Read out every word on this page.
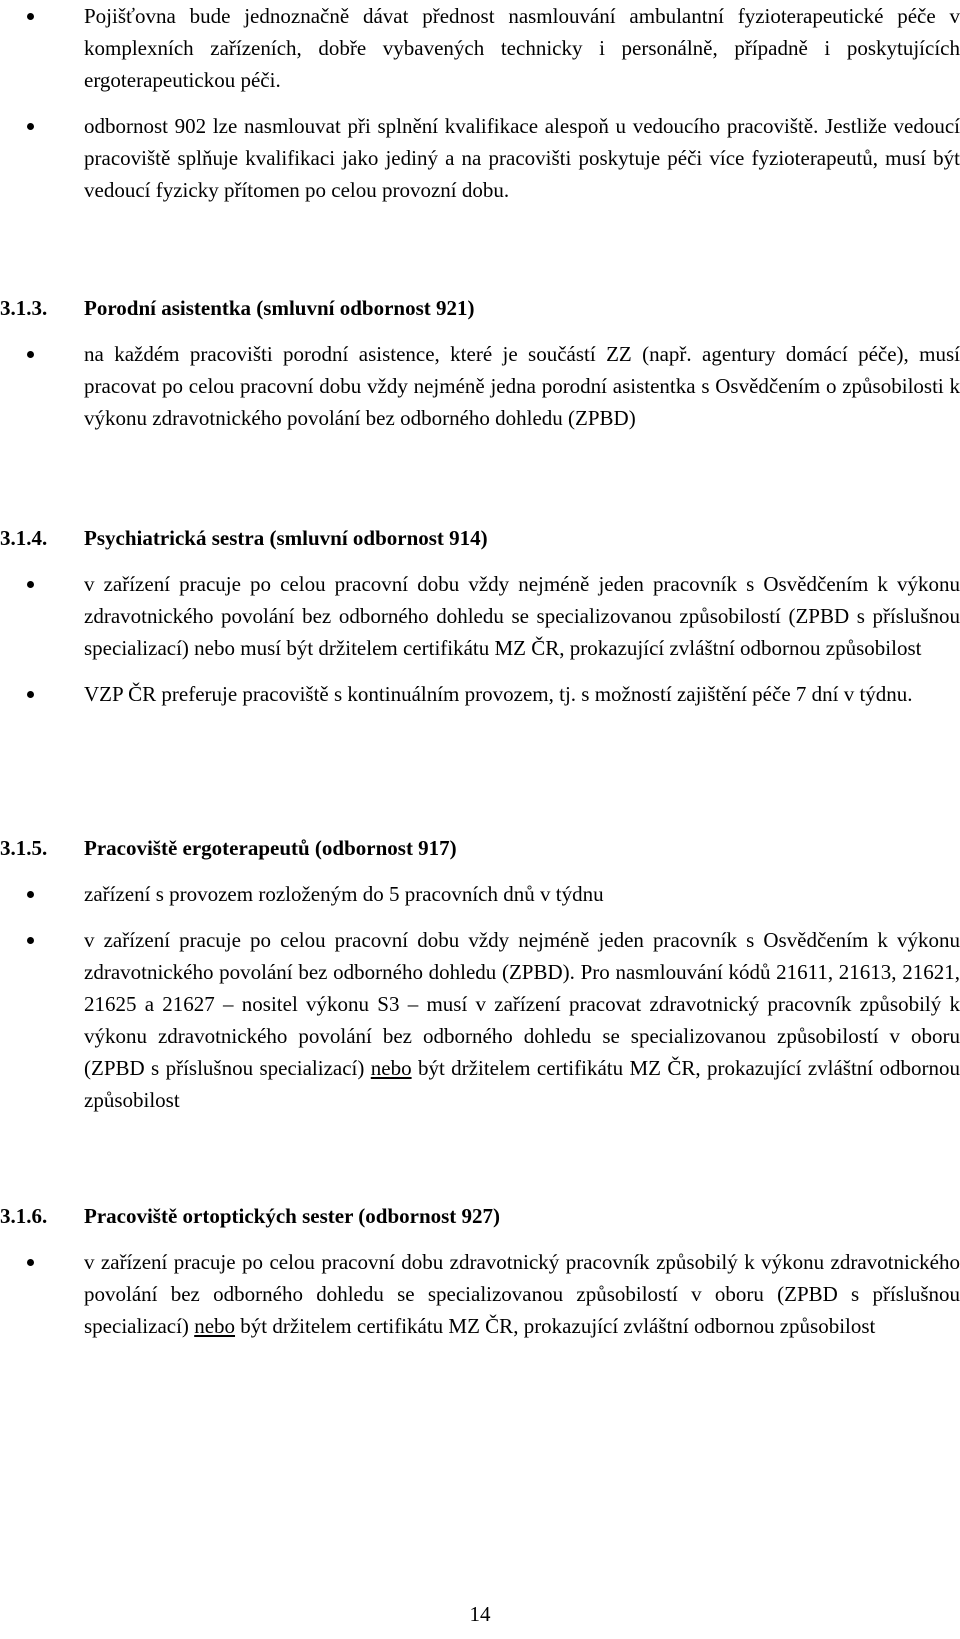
Pojišťovna bude jednoznačně dávat přednost nasmlouvání ambulantní fyzioterapeutické péče v komplexních zařízeních, dobře vybavených technicky i personálně, případně i poskytujících ergoterapeutickou péči.
odbornost 902 lze nasmlouvat při splnění kvalifikace alespoň u vedoucího pracoviště. Jestliže vedoucí pracoviště splňuje kvalifikaci jako jediný a na pracovišti poskytuje péči více fyzioterapeutů, musí být vedoucí fyzicky přítomen po celou provozní dobu.
3.1.3.	Porodní asistentka (smluvní odbornost 921)
na každém pracovišti porodní asistence, které je součástí ZZ (např. agentury domácí péče), musí pracovat po celou pracovní dobu vždy nejméně jedna porodní asistentka s Osvědčením o způsobilosti k výkonu zdravotnického povolání bez odborného dohledu (ZPBD)
3.1.4.	Psychiatrická sestra (smluvní odbornost 914)
v zařízení pracuje po celou pracovní dobu vždy nejméně jeden pracovník s Osvědčením k výkonu zdravotnického povolání bez odborného dohledu se specializovanou způsobilostí (ZPBD s příslušnou specializací) nebo musí být držitelem certifikátu MZ ČR, prokazující zvláštní odbornou způsobilost
VZP ČR preferuje pracoviště s kontinuálním provozem, tj. s možností zajištění péče 7 dní v týdnu.
3.1.5.	Pracoviště ergoterapeutů (odbornost 917)
zařízení s provozem rozloženým do 5 pracovních dnů v týdnu
v zařízení pracuje po celou pracovní dobu vždy nejméně jeden pracovník s Osvědčením k výkonu zdravotnického povolání bez odborného dohledu (ZPBD). Pro nasmlouvání kódů 21611, 21613, 21621, 21625 a 21627 – nositel výkonu S3 – musí v zařízení pracovat zdravotnický pracovník způsobilý k výkonu zdravotnického povolání bez odborného dohledu se specializovanou způsobilostí v oboru (ZPBD s příslušnou specializací) nebo být držitelem certifikátu MZ ČR, prokazující zvláštní odbornou způsobilost
3.1.6.	Pracoviště ortoptických sester (odbornost 927)
v zařízení pracuje po celou pracovní dobu zdravotnický pracovník způsobilý k výkonu zdravotnického povolání bez odborného dohledu se specializovanou způsobilostí v oboru (ZPBD s příslušnou specializací) nebo být držitelem certifikátu MZ ČR, prokazující zvláštní odbornou způsobilost
14
